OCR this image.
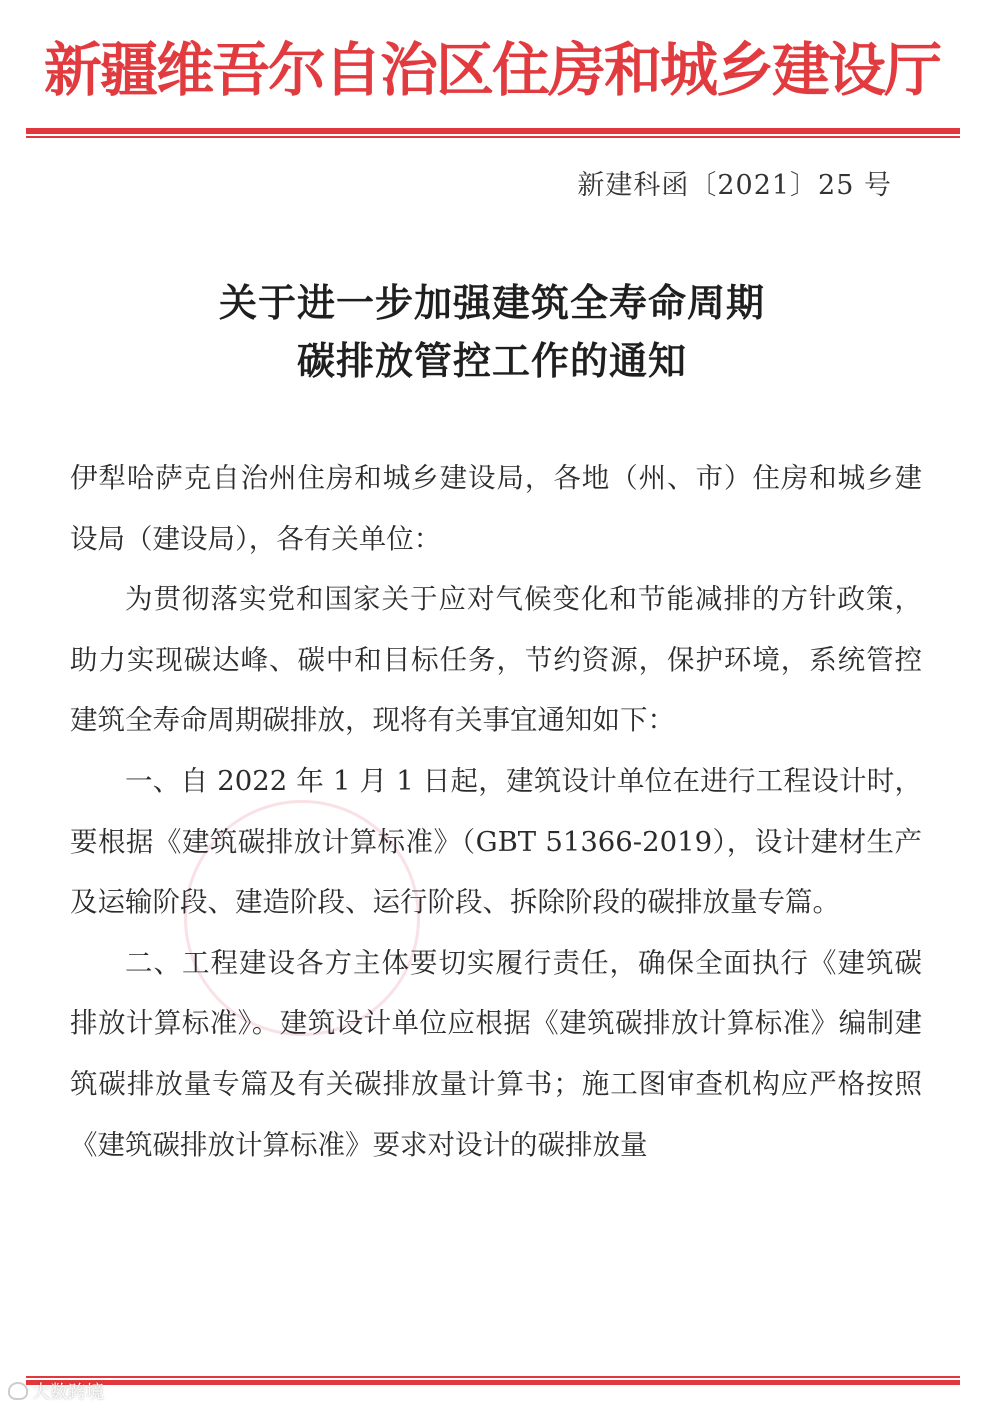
新疆维吾尔自治区住房和城乡建设厅
新建科函〔2021〕25 号
关于进一步加强建筑全寿命周期
碳排放管控工作的通知

伊犁哈萨克自治州住房和城乡建设局，各地（州、市）住房和城乡建设局（建设局），各有关单位：

为贯彻落实党和国家关于应对气候变化和节能减排的方针政策，助力实现碳达峰、碳中和目标任务，节约资源，保护环境，系统管控建筑全寿命周期碳排放，现将有关事宜通知如下：

一、自 2022 年 1 月 1 日起，建筑设计单位在进行工程设计时，要根据《建筑碳排放计算标准》（GBT 51366-2019），设计建材生产及运输阶段、建造阶段、运行阶段、拆除阶段的碳排放量专篇。

二、工程建设各方主体要切实履行责任，确保全面执行《建筑碳排放计算标准》。建筑设计单位应根据《建筑碳排放计算标准》编制建筑碳排放量专篇及有关碳排放量计算书；施工图审查机构应严格按照《建筑碳排放计算标准》要求对设计的碳排放量

大数跨境
